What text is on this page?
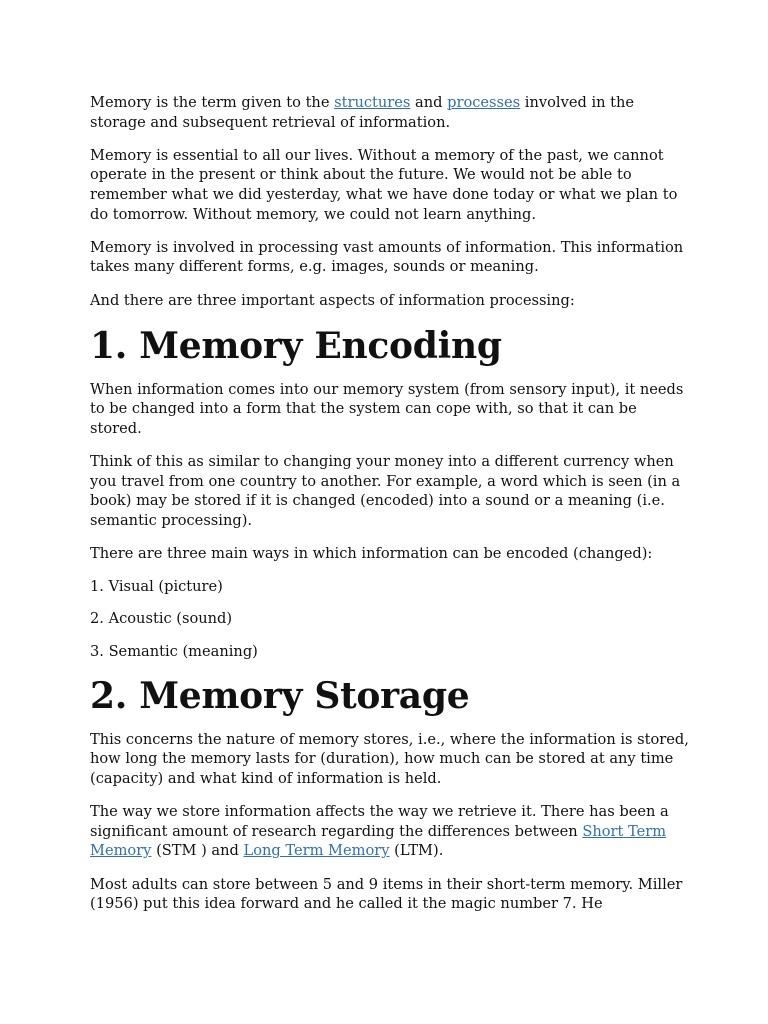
Memory is the term given to the structures and processes involved in the storage and subsequent retrieval of information.

Memory is essential to all our lives. Without a memory of the past, we cannot operate in the present or think about the future. We would not be able to remember what we did yesterday, what we have done today or what we plan to do tomorrow. Without memory, we could not learn anything.

Memory is involved in processing vast amounts of information. This information takes many different forms, e.g. images, sounds or meaning.

And there are three important aspects of information processing:

1. Memory Encoding

When information comes into our memory system (from sensory input), it needs to be changed into a form that the system can cope with, so that it can be stored.

Think of this as similar to changing your money into a different currency when you travel from one country to another. For example, a word which is seen (in a book) may be stored if it is changed (encoded) into a sound or a meaning (i.e. semantic processing).

There are three main ways in which information can be encoded (changed):

1. Visual (picture)

2. Acoustic (sound)

3. Semantic (meaning)

2. Memory Storage

This concerns the nature of memory stores, i.e., where the information is stored, how long the memory lasts for (duration), how much can be stored at any time (capacity) and what kind of information is held.

The way we store information affects the way we retrieve it. There has been a significant amount of research regarding the differences between Short Term Memory (STM ) and Long Term Memory (LTM).

Most adults can store between 5 and 9 items in their short-term memory. Miller (1956) put this idea forward and he called it the magic number 7. He
